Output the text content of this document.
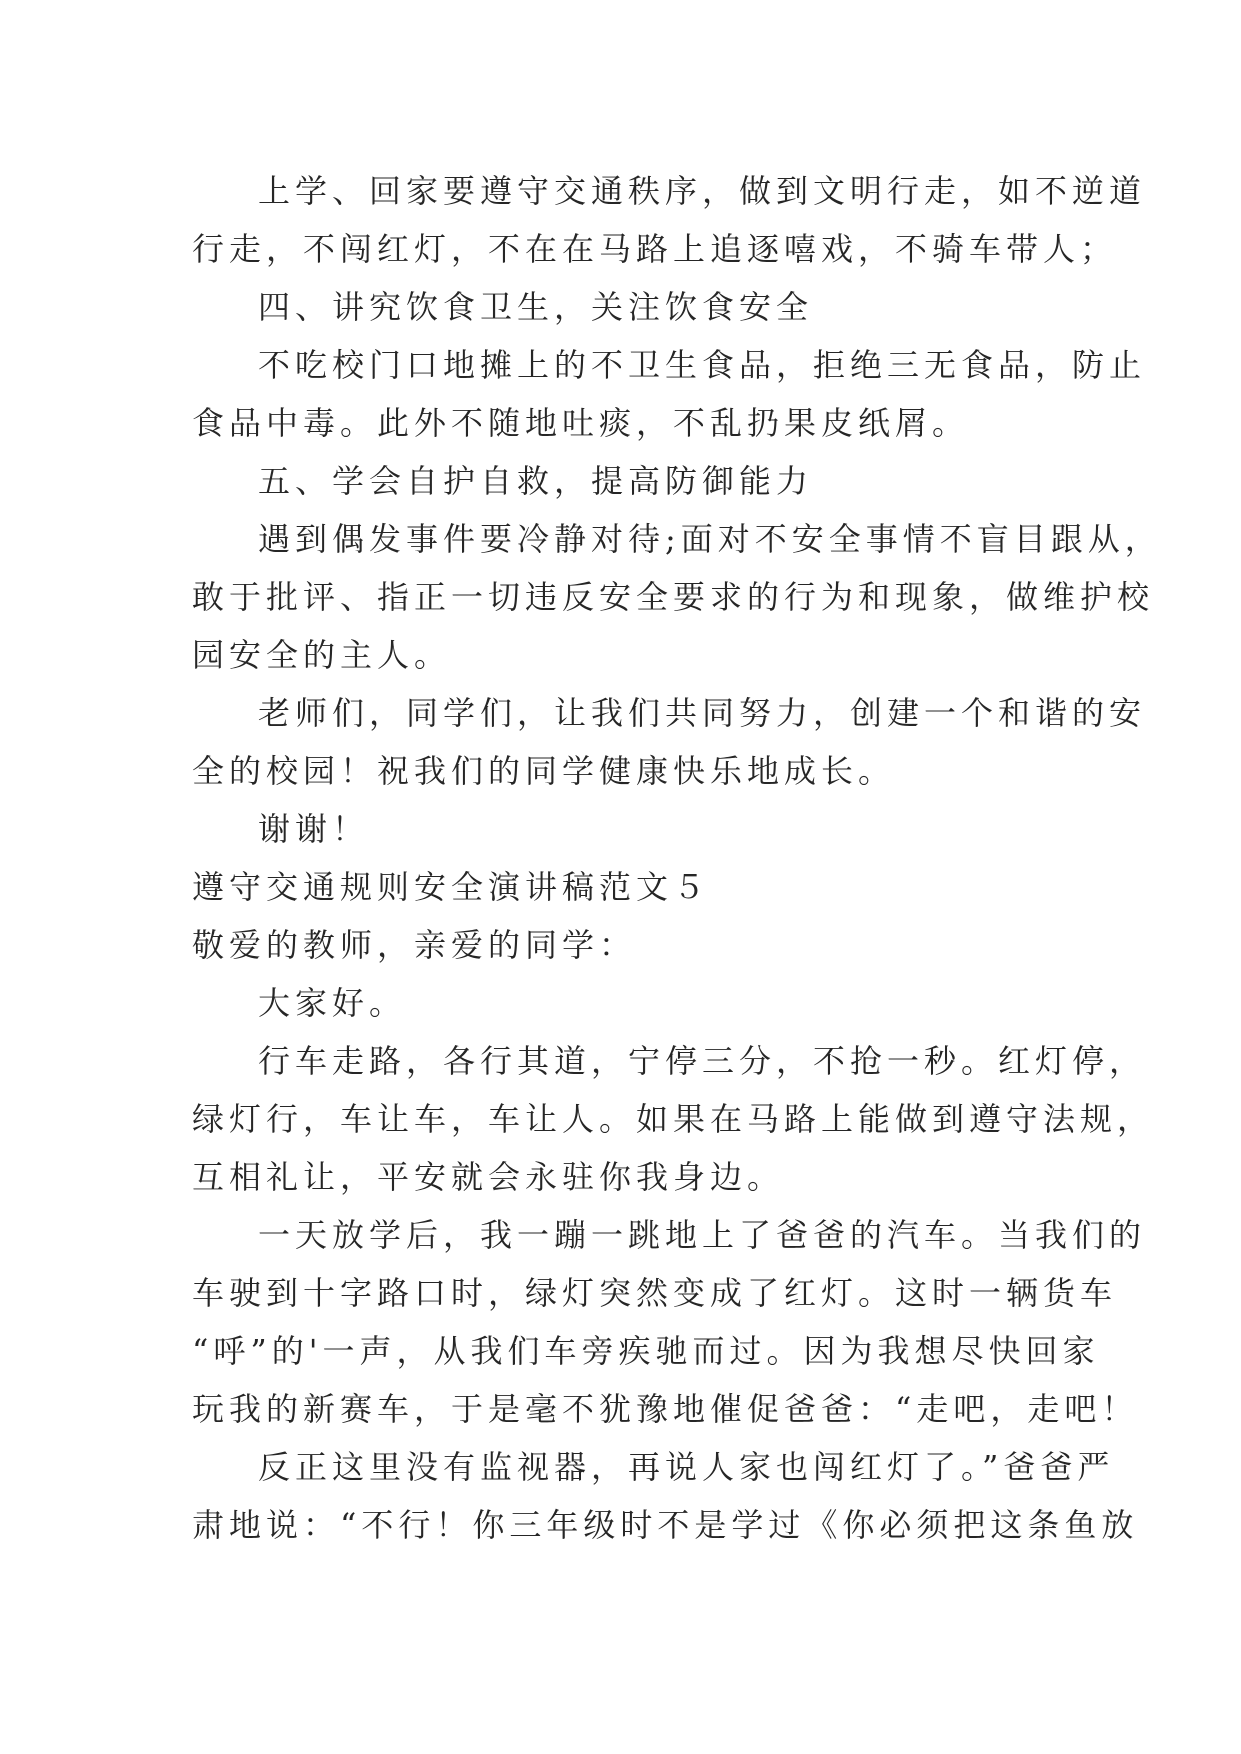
上学、回家要遵守交通秩序，做到文明行走，如不逆道
行走，不闯红灯，不在在马路上追逐嘻戏，不骑车带人；
四、讲究饮食卫生，关注饮食安全
不吃校门口地摊上的不卫生食品，拒绝三无食品，防止
食品中毒。此外不随地吐痰，不乱扔果皮纸屑。
五、学会自护自救，提高防御能力
遇到偶发事件要冷静对待;面对不安全事情不盲目跟从，
敢于批评、指正一切违反安全要求的行为和现象，做维护校
园安全的主人。
老师们，同学们，让我们共同努力，创建一个和谐的安
全的校园！祝我们的同学健康快乐地成长。
谢谢！
遵守交通规则安全演讲稿范文５
敬爱的教师，亲爱的同学：
大家好。
行车走路，各行其道，宁停三分，不抢一秒。红灯停，
绿灯行，车让车，车让人。如果在马路上能做到遵守法规，
互相礼让，平安就会永驻你我身边。
一天放学后，我一蹦一跳地上了爸爸的汽车。当我们的
车驶到十字路口时，绿灯突然变成了红灯。这时一辆货车
“呼”的'一声，从我们车旁疾驰而过。因为我想尽快回家
玩我的新赛车，于是毫不犹豫地催促爸爸：“走吧，走吧！
反正这里没有监视器，再说人家也闯红灯了。”爸爸严
肃地说：“不行！你三年级时不是学过《你必须把这条鱼放
